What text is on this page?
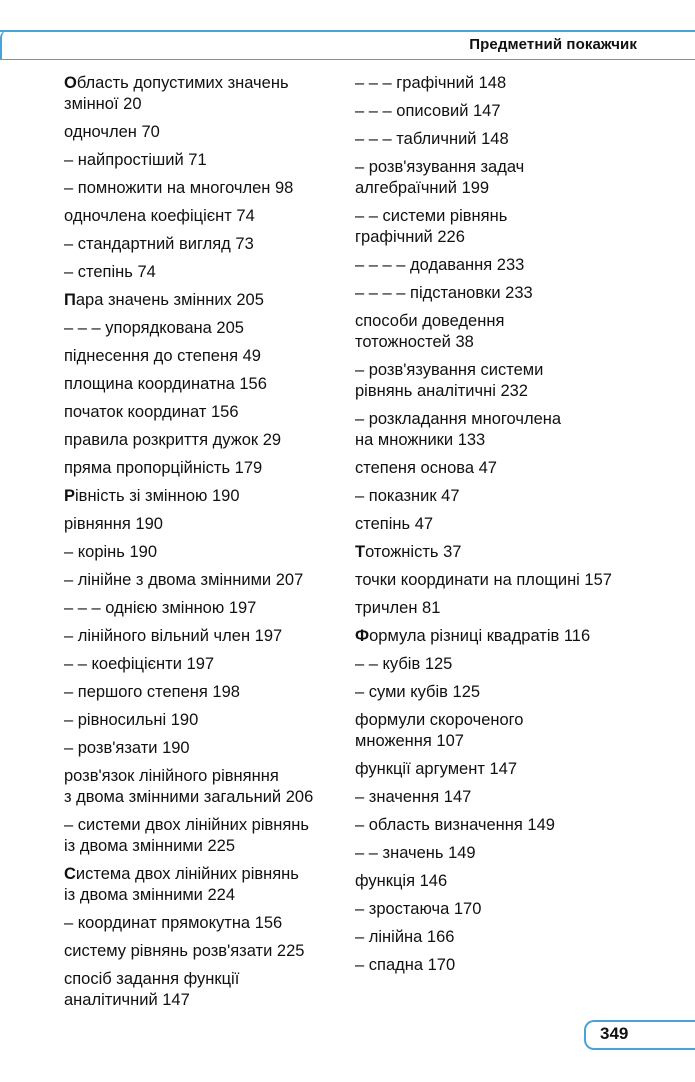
Предметний покажчик
Область допустимих значень
змінної 20
одночлен 70
– найпростіший 71
– помножити на многочлен 98
одночлена коефіцієнт 74
– стандартний вигляд 73
– степінь 74
Пара значень змінних 205
– – – упорядкована 205
піднесення до степеня 49
площина координатна 156
початок координат 156
правила розкриття дужок 29
пряма пропорційність 179
Рівність зі змінною 190
рівняння 190
– корінь 190
– лінійне з двома змінними 207
– – – однією змінною 197
– лінійного вільний член 197
– – коефіцієнти 197
– першого степеня 198
– рівносильні 190
– розв'язати 190
розв'язок лінійного рівняння
з двома змінними загальний 206
– системи двох лінійних рівнянь
із двома змінними 225
Система двох лінійних рівнянь
із двома змінними 224
– координат прямокутна 156
систему рівнянь розв'язати 225
спосіб задання функції
аналітичний 147
– – – графічний 148
– – – описовий 147
– – – табличний 148
– розв'язування задач
алгебраїчний 199
– – системи рівнянь
графічний 226
– – – – додавання 233
– – – – підстановки 233
способи доведення
тотожностей 38
– розв'язування системи
рівнянь аналітичні 232
– розкладання многочлена
на множники 133
степеня основа 47
– показник 47
степінь 47
Тотожність 37
точки координати на площині 157
тричлен 81
Формула різниці квадратів 116
– – кубів 125
– суми кубів 125
формули скороченого
множення 107
функції аргумент 147
– значення 147
– область визначення 149
– – значень 149
функція 146
– зростаюча 170
– лінійна 166
– спадна 170
349
